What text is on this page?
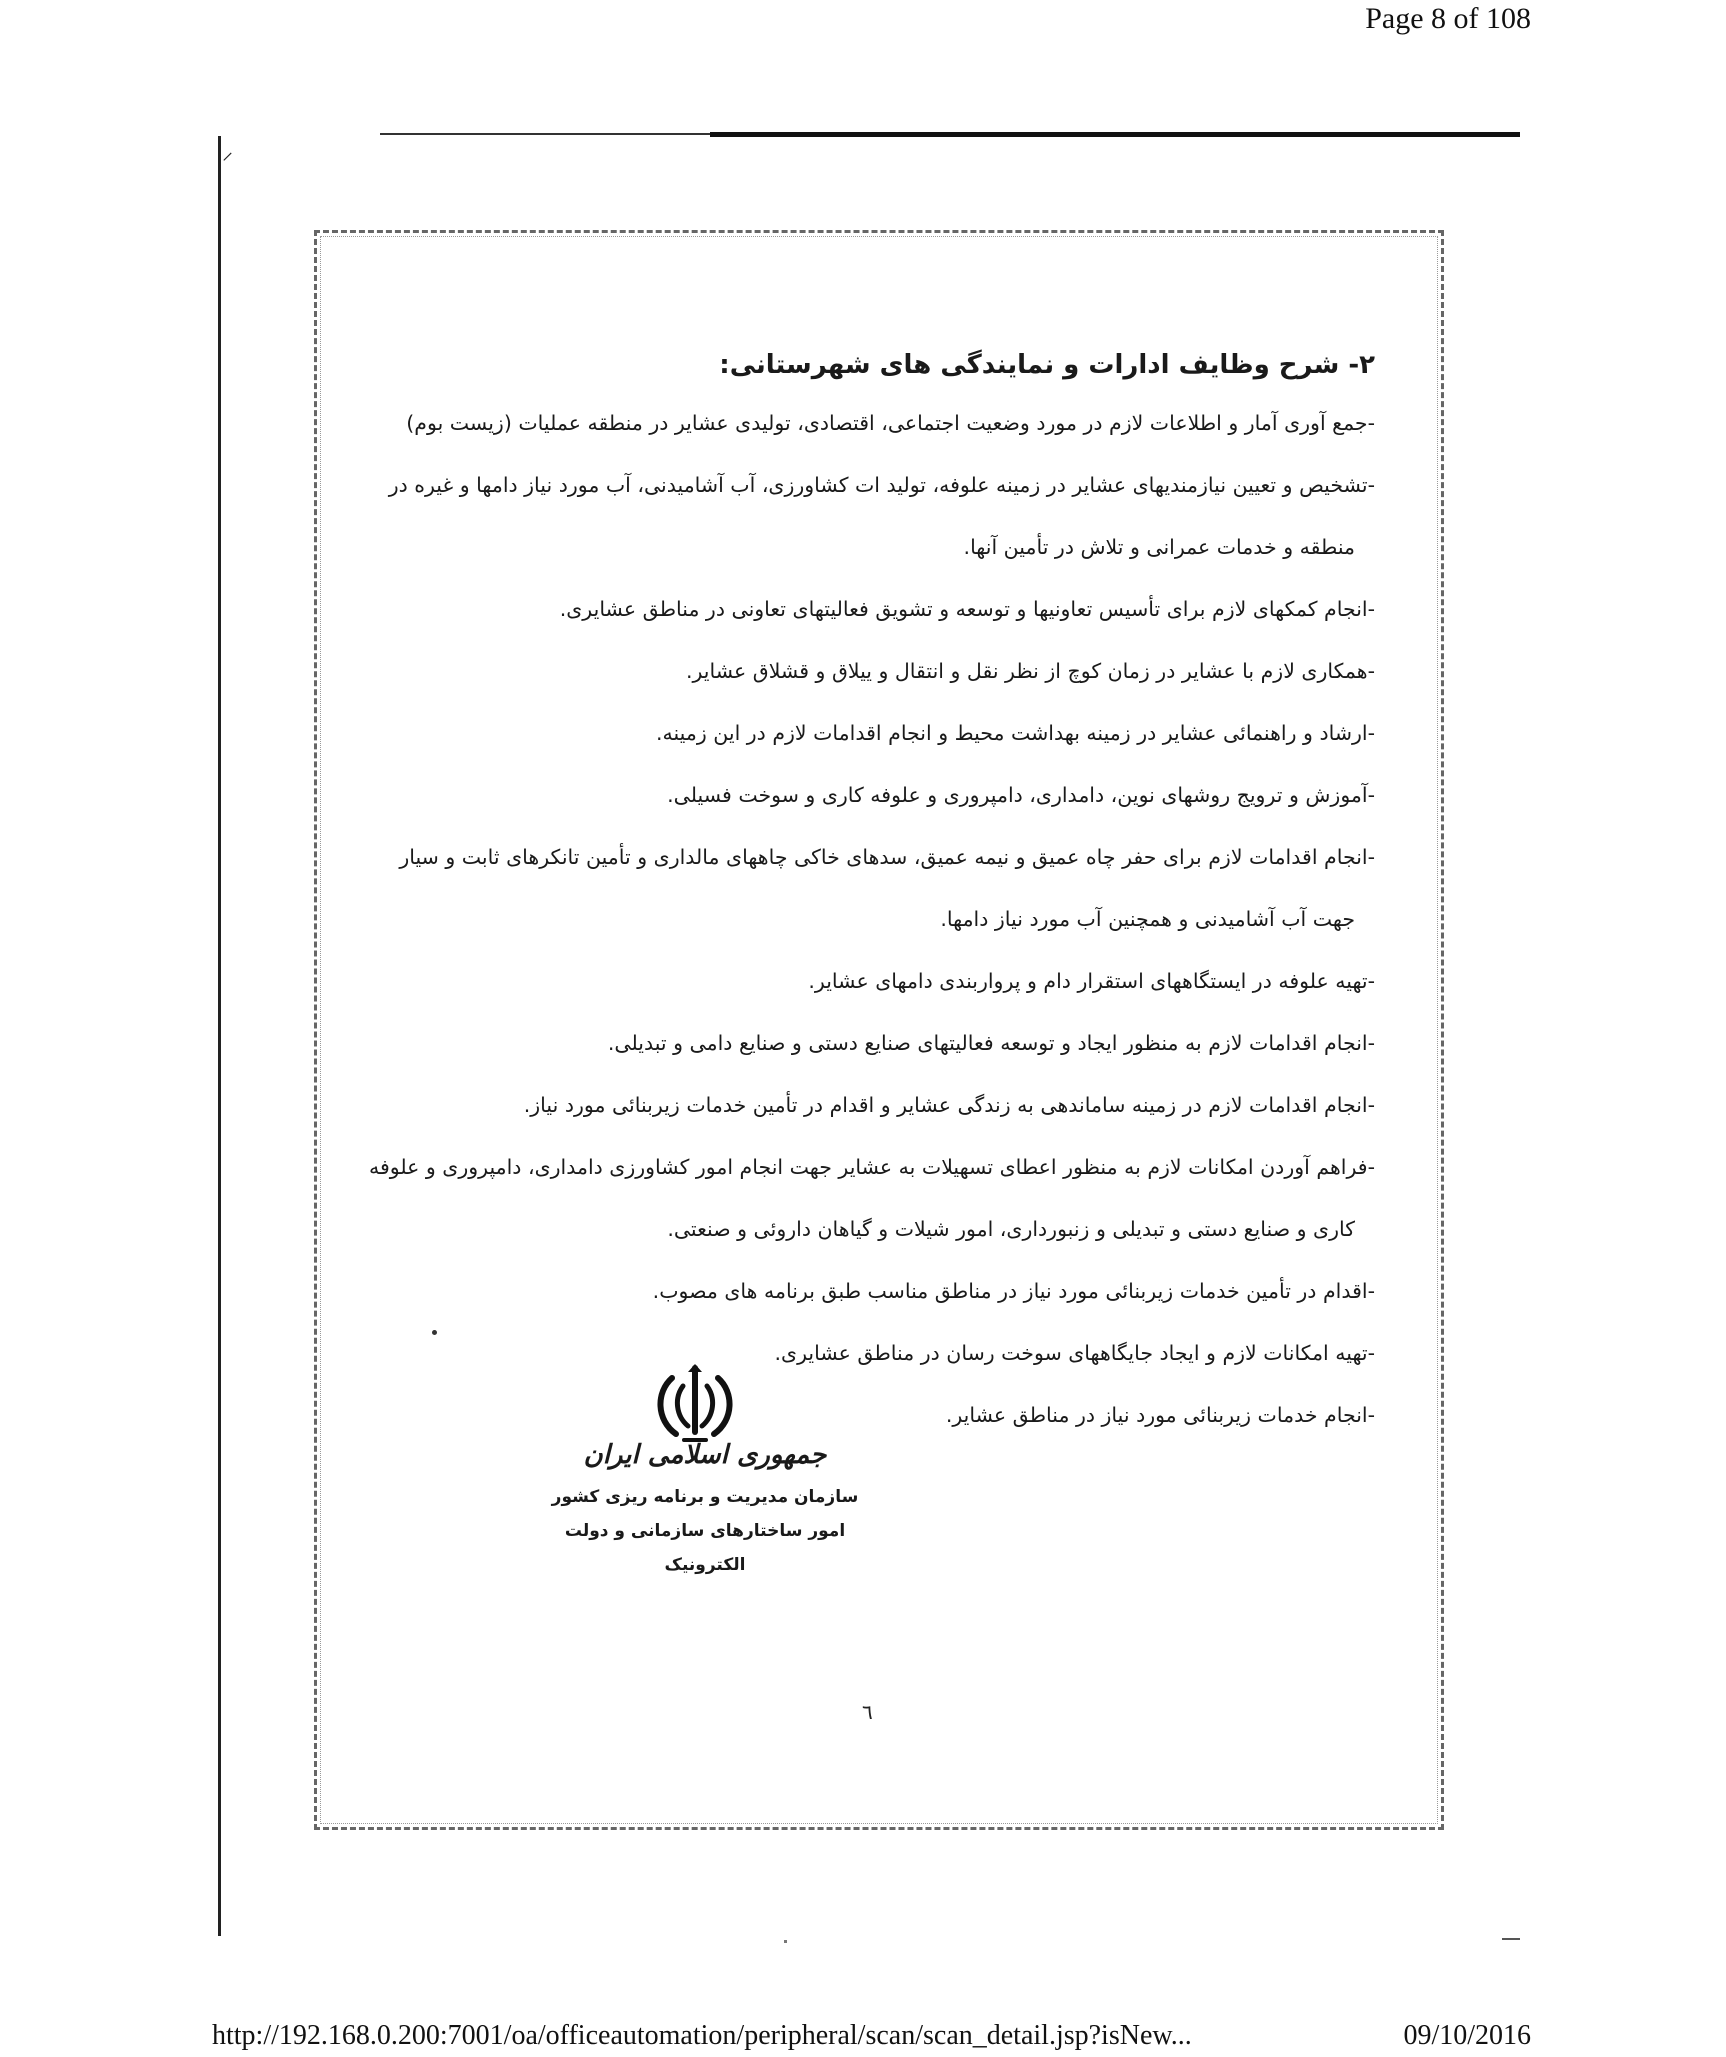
Page 8 of 108
⸝
۲- شرح وظایف ادارات و نمایندگی های شهرستانی:
-جمع آوری آمار و اطلاعات لازم در مورد وضعیت اجتماعی، اقتصادی، تولیدی عشایر در منطقه عملیات (زیست بوم)
-تشخیص و تعیین نیازمندیهای عشایر در زمینه علوفه، تولید ات کشاورزی، آب آشامیدنی، آب مورد نیاز دامها و غیره در
منطقه و خدمات عمرانی و تلاش در تأمین آنها.
-انجام کمکهای لازم برای تأسیس تعاونیها و توسعه و تشویق فعالیتهای تعاونی در مناطق عشایری.
-همکاری لازم با عشایر در زمان کوچ از نظر نقل و انتقال و ییلاق و قشلاق عشایر.
-ارشاد و راهنمائی عشایر در زمینه بهداشت محیط و انجام اقدامات لازم در این زمینه.
-آموزش و ترویج روشهای نوین، دامداری، دامپروری و علوفه کاری و سوخت فسیلی.
-انجام اقدامات لازم برای حفر چاه عمیق و نیمه عمیق، سدهای خاکی چاههای مالداری و تأمین تانکرهای ثابت و سیار
جهت آب آشامیدنی و همچنین آب مورد نیاز دامها.
-تهیه علوفه در ایستگاههای استقرار دام و پرواربندی دامهای عشایر.
-انجام اقدامات لازم به منظور ایجاد و توسعه فعالیتهای صنایع دستی و صنایع دامی و تبدیلی.
-انجام اقدامات لازم در زمینه ساماندهی به زندگی عشایر و اقدام در تأمین خدمات زیربنائی مورد نیاز.
-فراهم آوردن امکانات لازم به منظور اعطای تسهیلات به عشایر جهت انجام امور کشاورزی دامداری، دامپروری و علوفه
کاری و صنایع دستی و تبدیلی و زنبورداری، امور شیلات و گیاهان داروئی و صنعتی.
-اقدام در تأمین خدمات زیربنائی مورد نیاز در مناطق مناسب طبق برنامه های مصوب.
-تهیه امکانات لازم و ایجاد جایگاههای سوخت رسان در مناطق عشایری.
-انجام خدمات زیربنائی مورد نیاز در مناطق عشایر.
جمهوری اسلامی ایران
سازمان مدیریت و برنامه ریزی کشور
امور ساختارهای سازمانی و دولت الکترونیک
٦
http://192.168.0.200:7001/oa/officeautomation/peripheral/scan/scan_detail.jsp?isNew...	09/10/2016
